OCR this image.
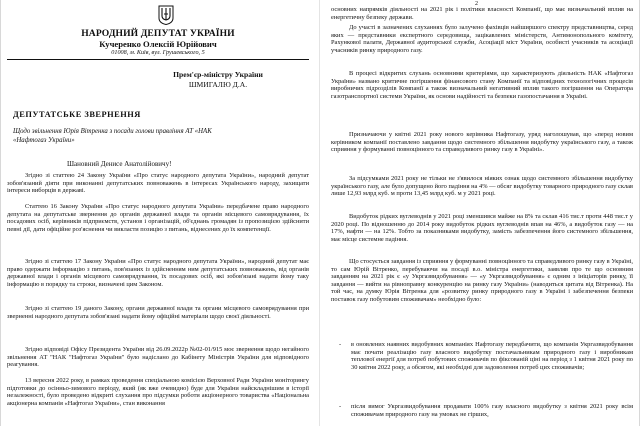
НАРОДНИЙ ДЕПУТАТ УКРАЇНИ
Кучеренко Олексій Юрійович
01008, м. Київ, вул. Грушевського, 5
Прем'єр-міністру України
ШМИГАЛЮ Д.А.
ДЕПУТАТСЬКЕ ЗВЕРНЕННЯ
Щодо звільнення Юрія Вітренка з посади голови правління АТ «НАК «Нафтогаз України»
Шановний Денисе Анатолійовичу!
Згідно зі статтею 24 Закону України «Про статус народного депутата України», народний депутат зобов'язаний діяти при виконанні депутатських повноважень в інтересах Українського народу, захищати інтереси виборців в державі.
Статтею 16 Закону України «Про статус народного депутата України» передбачене право народного депутата на депутатське звернення до органів державної влади та органів місцевого самоврядування, їх посадових осіб, керівників підприємств, установ і організацій, об'єднань громадян із пропозицією здійснити певні дії, дати офіційне роз'яснення чи викласти позицію з питань, віднесених до їх компетенції.
Згідно зі статтею 17 Закону України «Про статус народного депутата України», народний депутат має право одержати інформацію з питань, пов'язаних із здійсненням ним депутатських повноважень, від органів державної влади і органів місцевого самоврядування, їх посадових осіб, які зобов'язані надати йому таку інформацію в порядку та строки, визначені цим Законом.
Згідно зі статтею 19 даного Закону, органи державної влади та органи місцевого самоврядування при зверненні народного депутата зобов'язані надати йому офіційні матеріали щодо своєї діяльності.
Згідно відповіді Офісу Президента України від 26.09.2022р №02-01/915 моє звернення щодо негайного звільнення АТ "НАК "Нафтогаз України" було надіслано до Кабінету Міністрів України для відповідного реагування.
13 вересня 2022 року, в рамках проведення спеціальною комісією Верховної Ради України моніторингу підготовки до осінньо-зимового періоду, який (як вже очевидно) буде для України найскладнішим в історії незалежності, було проведено відкриті слухання про підсумки роботи акціонерного товариства «Національна акціонерна компанія «Нафтогаз України», стан виконання
2
основних напрямків діяльності на 2021 рік і політики власності Компанії, що має визначальний вплив на енергетичну безпеку держави.
До участі в зазначених слуханнях було залучено фахівців найширшого спектру представництва, серед яких — представники експертного середовища, зацікавлених міністерств, Антимонопольного комітету, Рахункової палати, Державної аудиторської служби, Асоціації міст України, особисті учасників та асоціації учасників ринку природного газу.
В процесі відкритих слухань основними критеріями, що характеризують діяльність НАК «Нафтогаз України» названо критичне погіршення фінансового стану Компанії та відповідних технологічних процесів виробничих підрозділів Компанії а також визначальний негативний вплив такого погіршення на Оператора газотранспортної системи України, як основи надійності та безпеки газопостачання в Україні.
Призначаючи у квітні 2021 року нового керівника Нафтогазу, уряд наголошував, що «перед новим керівником компанії поставлено завдання щодо системного збільшення видобутку українського газу, а також сприяння у формуванні повноцінного та справедливого ринку газу в Україні».
За підсумками 2021 року не тільки не з'явилося ніяких ознак щодо системного збільшення видобутку українського газу, але було допущено його падіння на 4% — обсяг видобутку товарного природного газу склав лише 12,93 млрд куб. м проти 13,45 млрд куб. м у 2021 році.
Видобуток рідких вуглеводнів у 2021 році зменшився майже на 8% та склав 416 тис.т проти 448 тис.т у 2020 році. По відношенню до 2014 року видобуток рідких вуглеводнів впав на 46%, а видобуток газу — на 17%, нафти — на 12%. Тобто за показниками видобутку, замість забезпечення його системного збільшення, має місце системне падіння.
Що стосується завдання із сприяння у формуванні повноцінного та справедливого ринку газу в Україні, то сам Юрій Вітренко, перебуваючи на посаді в.о. міністра енергетики, заявляв про те що основним завданням на 2021 рік є «у Укргазвидобування» — «у Укргазвидобування» є одним з ініціаторів ринку, її завдання — вийти на рівноправну конкуренцію на ринку газу України» (наводиться цитата від Вітренка). На той час, на думку Юрія Вітренка для «розвитку ринку природного газу в Україні і забезпечення безпеки поставок газу побутовим споживачам» необхідно було:
- в оновлених наявних видобувних компаніях Нафтогазу передбачити, що компанія Укргазвидобування має почати реалізацію газу власного видобутку постачальникам природного газу і виробникам теплової енергії для потреб побутових споживачів по фіксованій ціні на період з 1 квітня 2021 року по 30 квітня 2022 року, а обсягом, які необхідні для задоволення потреб цих споживачів;
- після вимог Укргазвидобування продавати 100% газу власного видобутку з квітня 2021 року всім споживачам природного газу на умовах не гірших,
